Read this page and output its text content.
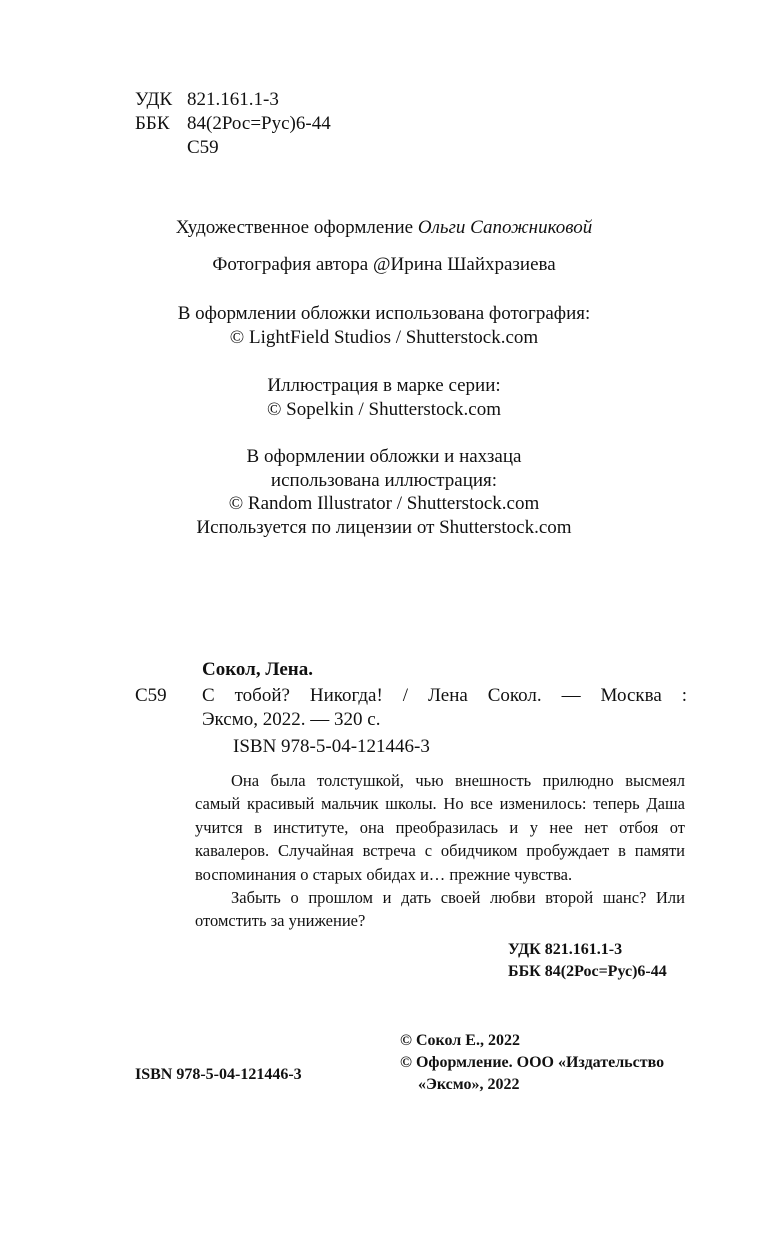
УДК 821.161.1-3
ББК 84(2Рос=Рус)6-44
С59
Художественное оформление Ольги Сапожниковой
Фотография автора @Ирина Шайхразиева
В оформлении обложки использована фотография:
© LightField Studios / Shutterstock.com
Иллюстрация в марке серии:
© Sopelkin / Shutterstock.com
В оформлении обложки и нахзаца
использована иллюстрация:
© Random Illustrator / Shutterstock.com
Используется по лицензии от Shutterstock.com
Сокол, Лена.
С59 С тобой? Никогда! / Лена Сокол. — Москва :
Эксмо, 2022. — 320 с.
ISBN 978-5-04-121446-3

Она была толстушкой, чью внешность прилюдно высмеял самый красивый мальчик школы. Но все изменилось: теперь Даша учится в институте, она преобразилась и у нее нет отбоя от кавалеров. Случайная встреча с обидчиком пробуждает в памяти воспоминания о старых обидах и… прежние чувства.

Забыть о прошлом и дать своей любви второй шанс? Или отомстить за унижение?

УДК 821.161.1-3
ББК 84(2Рос=Рус)6-44
ISBN 978-5-04-121446-3
© Сокол Е., 2022
© Оформление. ООО «Издательство
«Эксмо», 2022
